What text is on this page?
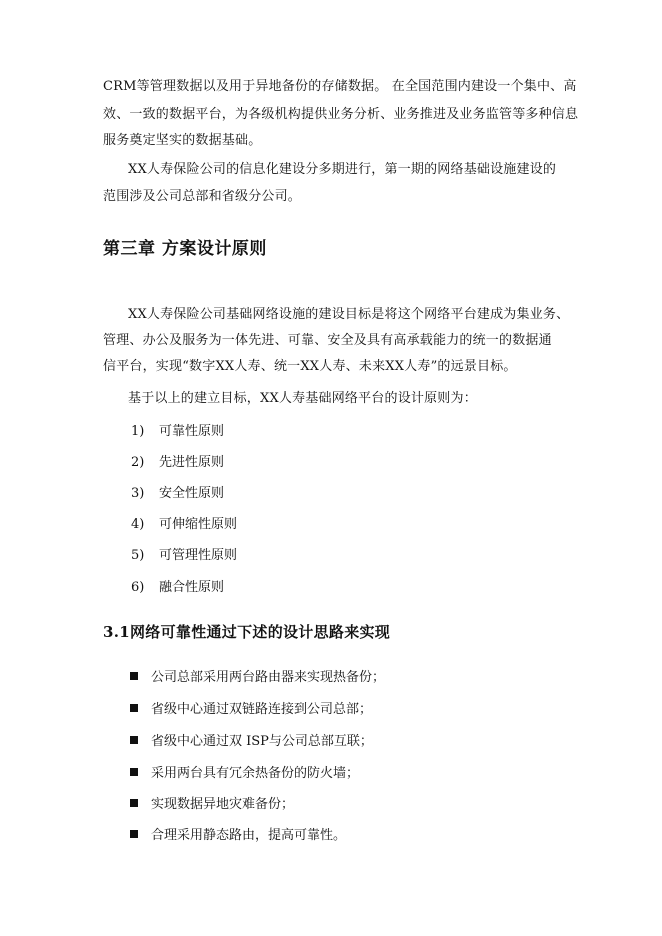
CRM等管理数据以及用于异地备份的存储数据。 在全国范围内建设一个集中、高
效、一致的数据平台，为各级机构提供业务分析、业务推进及业务监管等多种信息
服务奠定坚实的数据基础。
XX人寿保险公司的信息化建设分多期进行，第一期的网络基础设施建设的
范围涉及公司总部和省级分公司。
第三章 方案设计原则
XX人寿保险公司基础网络设施的建设目标是将这个网络平台建成为集业务、
管理、办公及服务为一体先进、可靠、安全及具有高承载能力的统一的数据通
信平台，实现“数字XX人寿、统一XX人寿、未来XX人寿”的远景目标。
基于以上的建立目标，XX人寿基础网络平台的设计原则为：
1) 可靠性原则
2) 先进性原则
3) 安全性原则
4) 可伸缩性原则
5) 可管理性原则
6) 融合性原则
3.1网络可靠性通过下述的设计思路来实现
公司总部采用两台路由器来实现热备份；
省级中心通过双链路连接到公司总部；
省级中心通过双 ISP与公司总部互联；
采用两台具有冗余热备份的防火墙；
实现数据异地灾难备份；
合理采用静态路由，提高可靠性。
